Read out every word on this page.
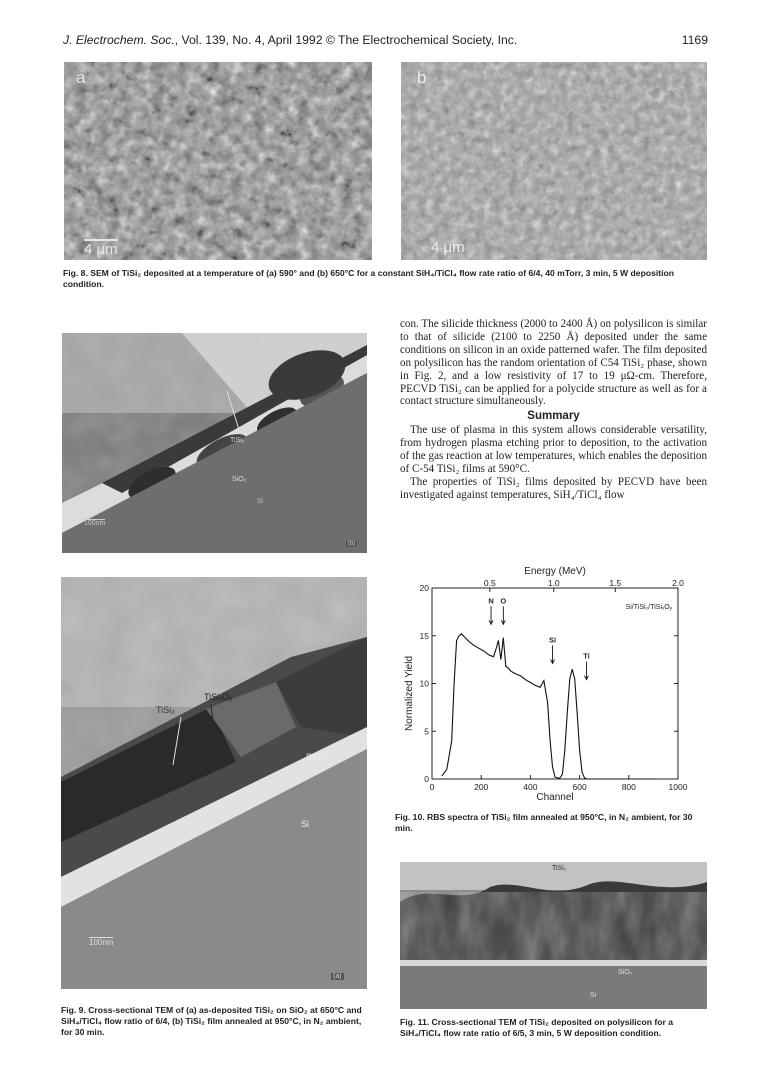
J. Electrochem. Soc., Vol. 139, No. 4, April 1992 © The Electrochemical Society, Inc.	1169
a
4 μm
b
4 μm
Fig. 8. SEM of TiSi₂ deposited at a temperature of (a) 590° and (b) 650°C for a constant SiH₄/TiCl₄ flow rate ratio of 6/4, 40 mTorr, 3 min, 5 W deposition condition.
TiSi₂
SiO₂
Si
100nm
(b)
TiSiₓOᵧ
TiSi₂
SiO₂
Si
100nm
(a)
Fig. 9. Cross-sectional TEM of (a) as-deposited TiSi₂ on SiO₂ at 650°C and SiH₄/TiCl₄ flow ratio of 6/4, (b) TiSi₂ film annealed at 950°C, in N₂ ambient, for 30 min.

con. The silicide thickness (2000 to 2400 Å) on polysilicon is similar to that of silicide (2100 to 2250 Å) deposited under the same conditions on silicon in an oxide patterned wafer. The film deposited on polysilicon has the random orientation of C54 TiSi₂ phase, shown in Fig. 2, and a low resistivity of 17 to 19 μΩ-cm. Therefore, PECVD TiSi₂ can be applied for a polycide structure as well as for a contact structure simultaneously.

Summary

The use of plasma in this system allows considerable versatility, from hydrogen plasma etching prior to deposition, to the activation of the gas reaction at low temperatures, which enables the deposition of C-54 TiSi₂ films at 590°C.

The properties of TiSi₂ films deposited by PECVD have been investigated against temperatures, SiH₄/TiCl₄ flow

0	200	400	600	800	1000
0
5
10
15
20	0.5	1.0	1.5	2.0
Energy (MeV)
Channel
Normalized Yield
Si/TiSi₂/TiSiₓOᵧ
N O
Si
Ti
Fig. 10. RBS spectra of TiSi₂ film annealed at 950°C, in N₂ ambient, for 30 min.
TiSi₂
SiO₂
Si
Fig. 11. Cross-sectional TEM of TiSi₂ deposited on polysilicon for a SiH₄/TiCl₄ flow rate ratio of 6/5, 3 min, 5 W deposition condition.
